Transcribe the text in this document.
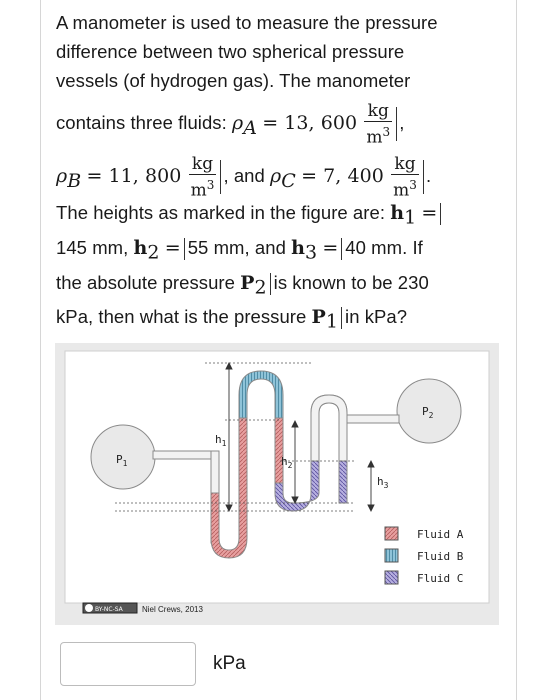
A manometer is used to measure the pressure
difference between two spherical pressure
vessels (of hydrogen gas). The manometer
contains three fluids: $\rho_A = 13$, $600 \frac{kg}{m^3}$ ,
$\rho_B = 11$, $800 \frac{kg}{m^3}$ , and $\rho_C = 7$, $400 \frac{kg}{m^3}$ .
The heights as marked in the figure are: $h_1$ =
145 mm, $h_2 = 55$ mm, and $h_3 = 40$ mm. If
the absolute pressure $P_2$ is known to be 230
kPa, then what is the pressure $P_1$ in kPa?
$P_1$
$P_2$
$h_1$
$h_2$
$h_3$
Fluid A
Fluid B
Fluid C
BY-NC-SA Niel Crews, 2013
kPa
